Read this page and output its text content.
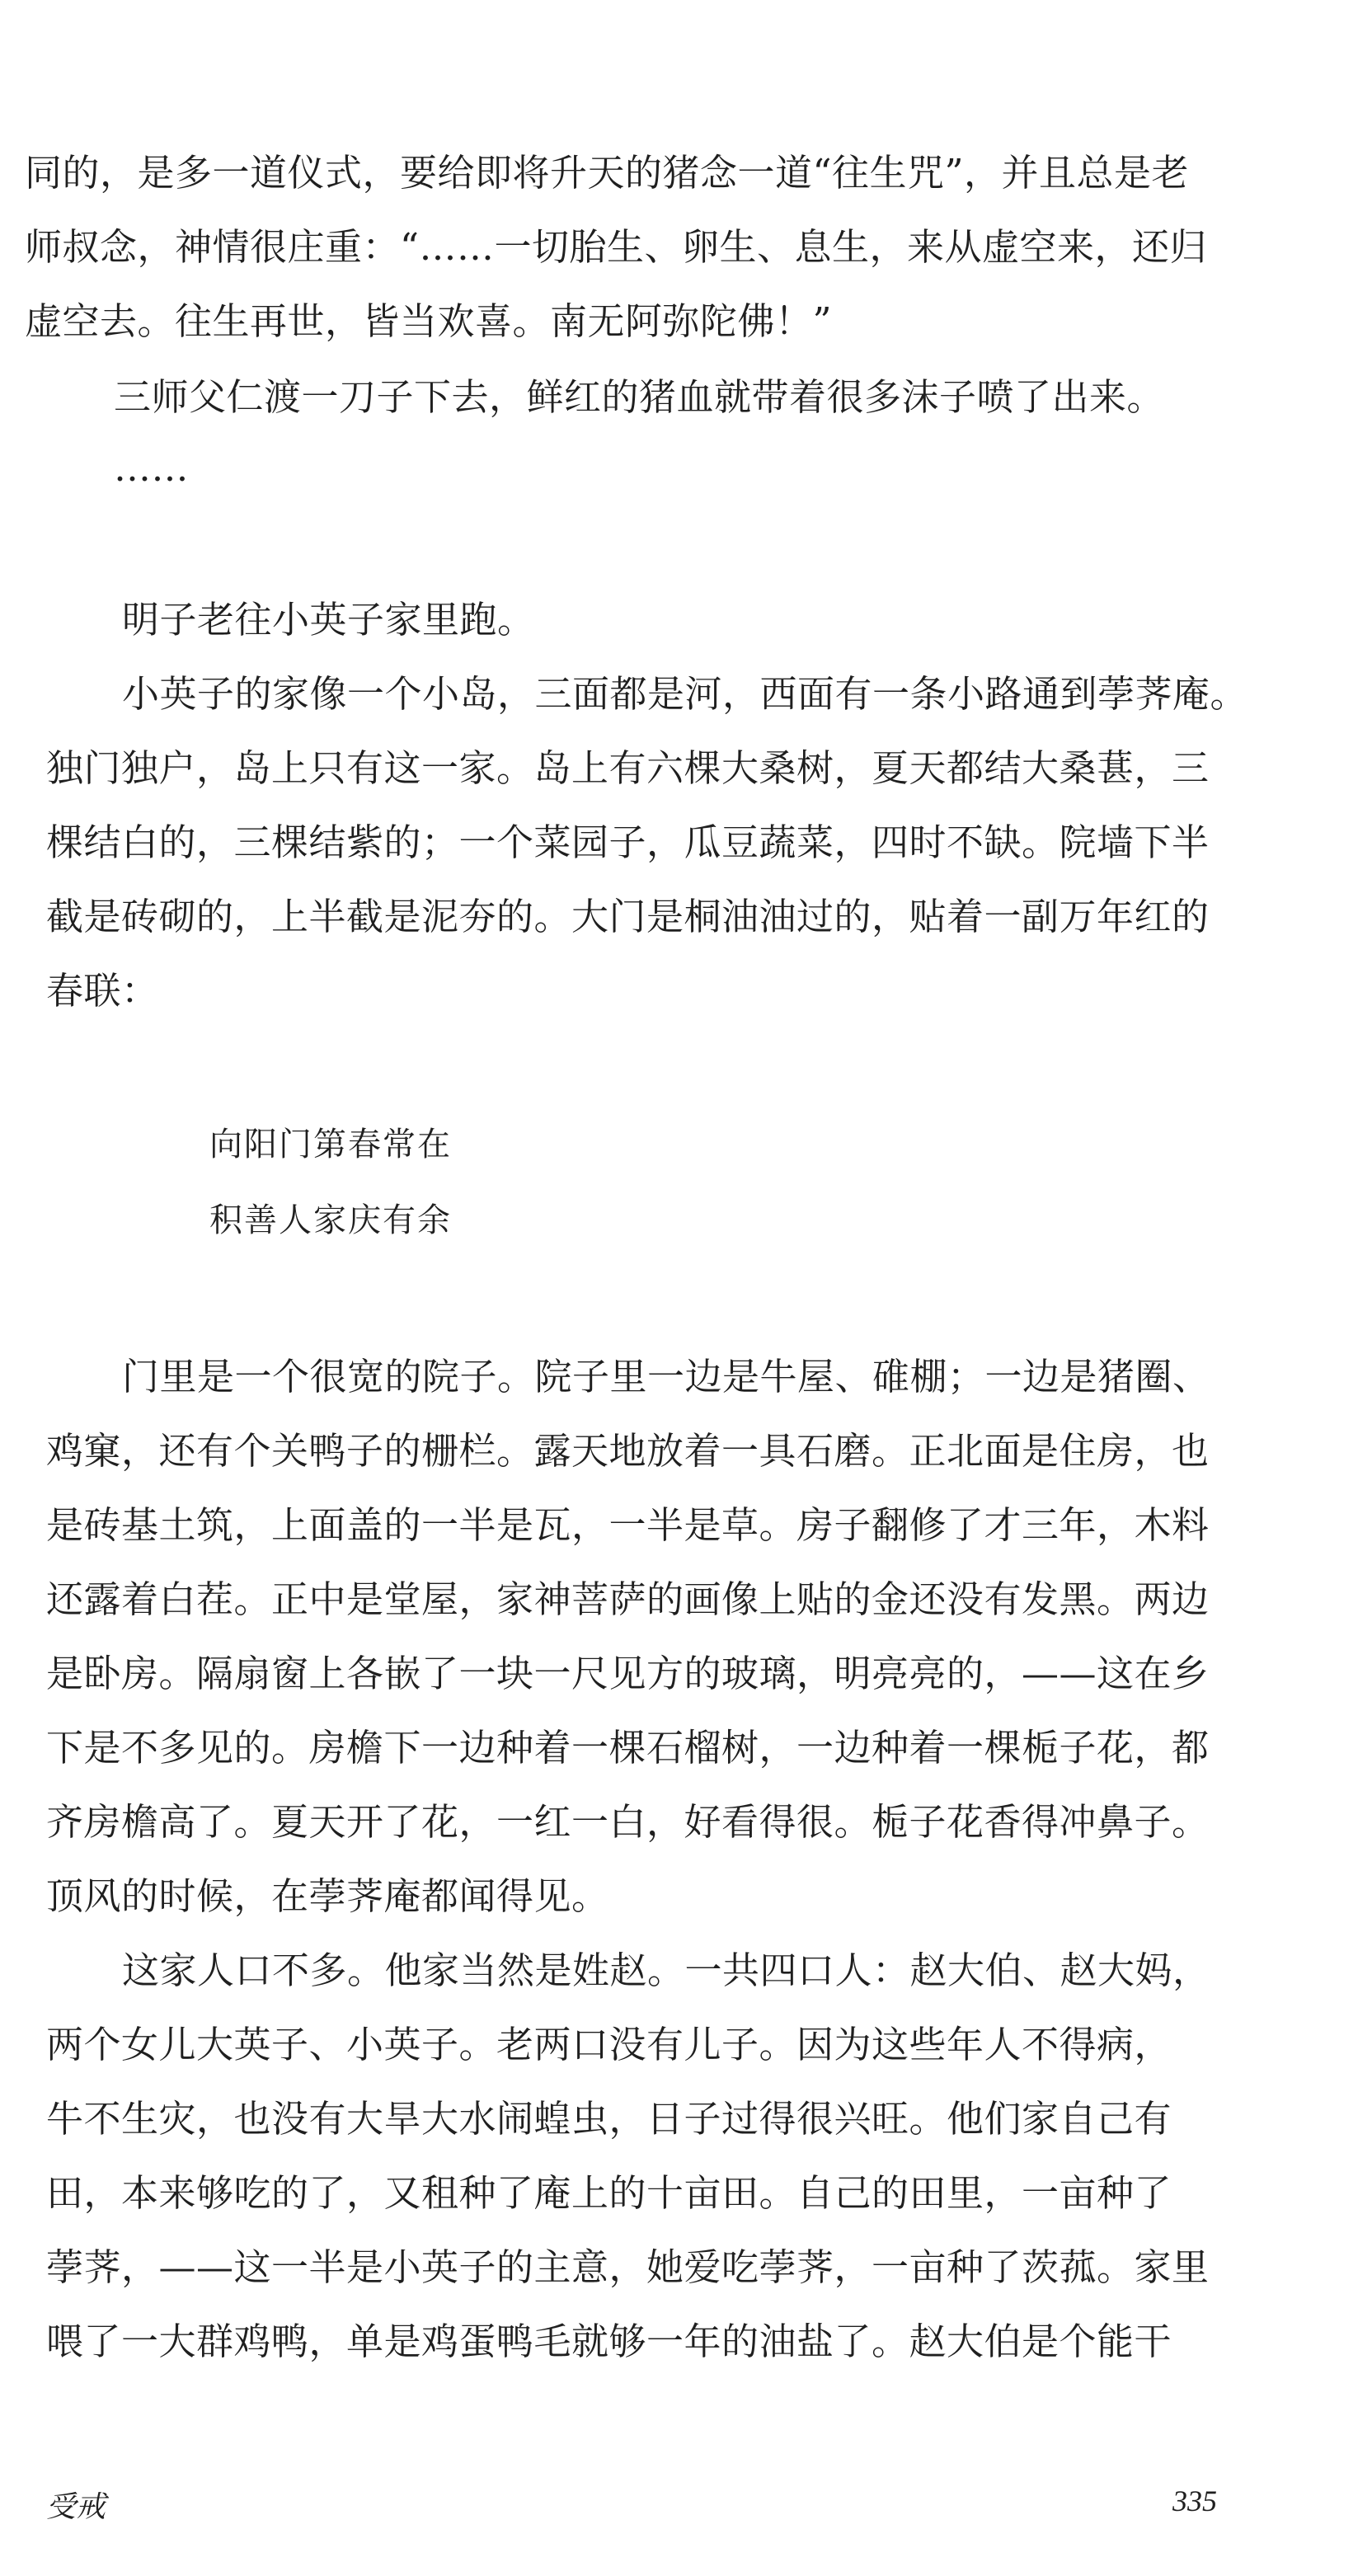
同的，是多一道仪式，要给即将升天的猪念一道“往生咒”，并且总是老
师叔念，神情很庄重：“……一切胎生、卵生、息生，来从虚空来，还归
虚空去。往生再世，皆当欢喜。南无阿弥陀佛！”
三师父仁渡一刀子下去，鲜红的猪血就带着很多沫子喷了出来。
……
明子老往小英子家里跑。
小英子的家像一个小岛，三面都是河，西面有一条小路通到荸荠庵。
独门独户，岛上只有这一家。岛上有六棵大桑树，夏天都结大桑葚，三
棵结白的，三棵结紫的；一个菜园子，瓜豆蔬菜，四时不缺。院墙下半
截是砖砌的，上半截是泥夯的。大门是桐油油过的，贴着一副万年红的
春联：
向阳门第春常在
积善人家庆有余
门里是一个很宽的院子。院子里一边是牛屋、碓棚；一边是猪圈、
鸡窠，还有个关鸭子的栅栏。露天地放着一具石磨。正北面是住房，也
是砖基土筑，上面盖的一半是瓦，一半是草。房子翻修了才三年，木料
还露着白茬。正中是堂屋，家神菩萨的画像上贴的金还没有发黑。两边
是卧房。隔扇窗上各嵌了一块一尺见方的玻璃，明亮亮的，——这在乡
下是不多见的。房檐下一边种着一棵石榴树，一边种着一棵栀子花，都
齐房檐高了。夏天开了花，一红一白，好看得很。栀子花香得冲鼻子。
顶风的时候，在荸荠庵都闻得见。
这家人口不多。他家当然是姓赵。一共四口人：赵大伯、赵大妈，
两个女儿大英子、小英子。老两口没有儿子。因为这些年人不得病，
牛不生灾，也没有大旱大水闹蝗虫，日子过得很兴旺。他们家自己有
田，本来够吃的了，又租种了庵上的十亩田。自己的田里，一亩种了
荸荠，——这一半是小英子的主意，她爱吃荸荠，一亩种了茨菰。家里
喂了一大群鸡鸭，单是鸡蛋鸭毛就够一年的油盐了。赵大伯是个能干
受戒	335
